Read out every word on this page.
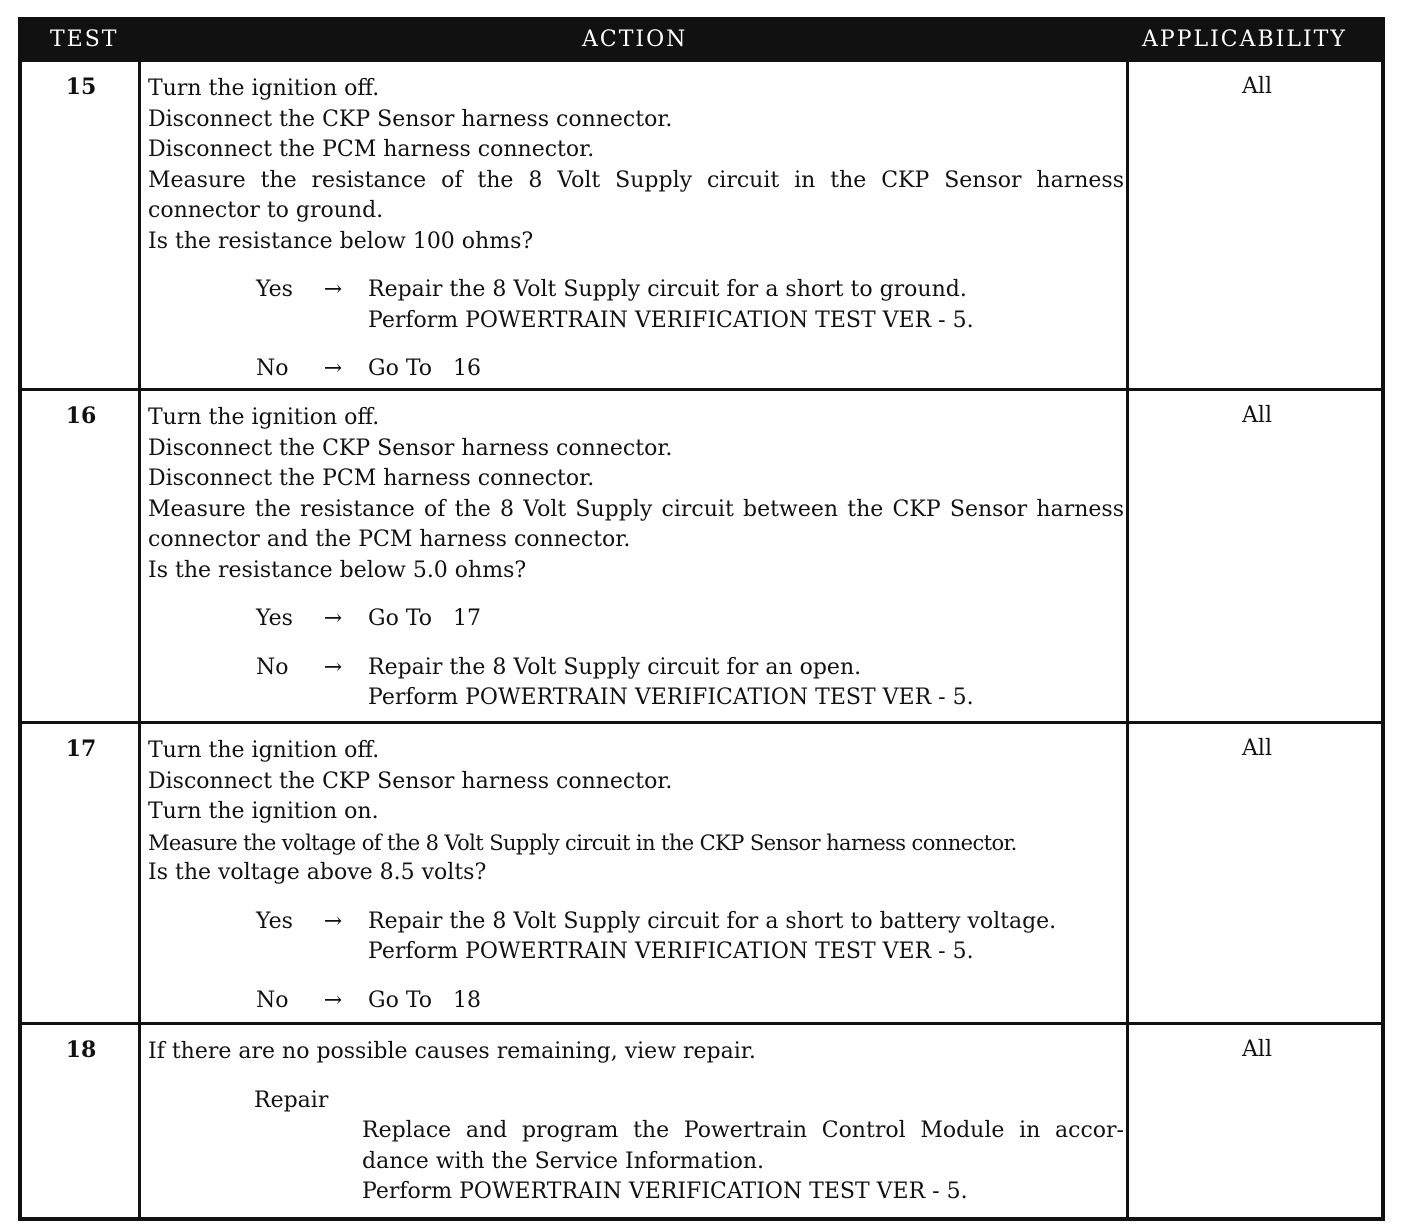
TEST	ACTION	APPLICABILITY
15	Turn the ignition off.
Disconnect the CKP Sensor harness connector.
Disconnect the PCM harness connector.
Measure the resistance of the 8 Volt Supply circuit in the CKP Sensor harness
connector to ground.
Is the resistance below 100 ohms?
Yes	→ Repair the 8 Volt Supply circuit for a short to ground.
Perform POWERTRAIN VERIFICATION TEST VER - 5.
No	→ Go To   16
All
16	Turn the ignition off.
Disconnect the CKP Sensor harness connector.
Disconnect the PCM harness connector.
Measure the resistance of the 8 Volt Supply circuit between the CKP Sensor harness
connector and the PCM harness connector.
Is the resistance below 5.0 ohms?
Yes	→ Go To   17
No	→ Repair the 8 Volt Supply circuit for an open.
Perform POWERTRAIN VERIFICATION TEST VER - 5.
All
17	Turn the ignition off.
Disconnect the CKP Sensor harness connector.
Turn the ignition on.
Measure the voltage of the 8 Volt Supply circuit in the CKP Sensor harness connector.
Is the voltage above 8.5 volts?
Yes	→ Repair the 8 Volt Supply circuit for a short to battery voltage.
Perform POWERTRAIN VERIFICATION TEST VER - 5.
No	→ Go To   18
All
18	If there are no possible causes remaining, view repair.
Repair
Replace and program the Powertrain Control Module in accor-
dance with the Service Information.
Perform POWERTRAIN VERIFICATION TEST VER - 5.
All
